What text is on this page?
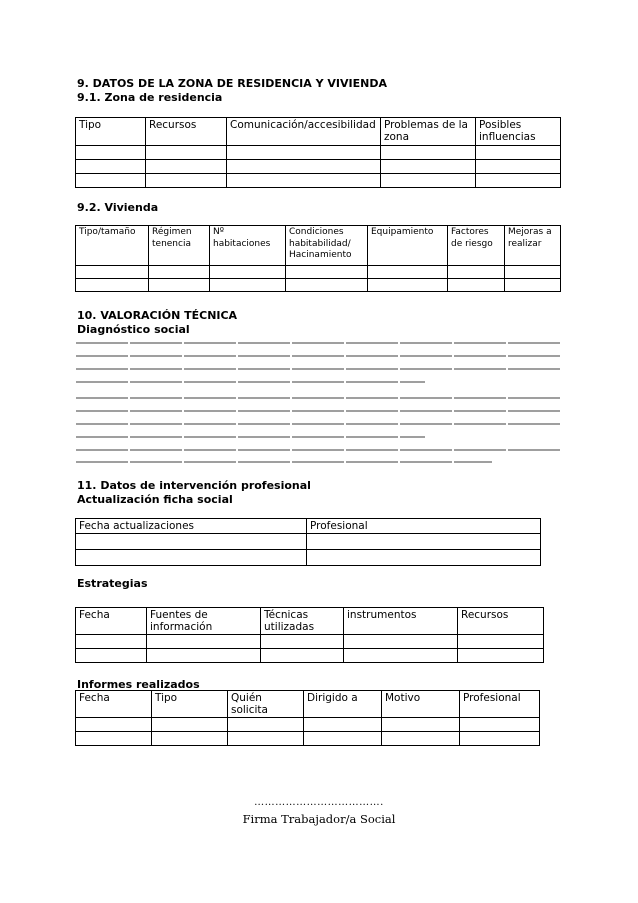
9. DATOS DE LA ZONA DE RESIDENCIA Y VIVIENDA
9.1. Zona de residencia
Tipo	Recursos	Comunicación/accesibilidad	Problemas de la zona	Posibles influencias

9.2. Vivienda
Tipo/tamaño	Régimen tenencia	Nº habitaciones	Condiciones habitabilidad/ Hacinamiento	Equipamiento	Factores de riesgo	Mejoras a realizar

10. VALORACIÓN TÉCNICA
Diagnóstico social
11. Datos de intervención profesional
Actualización ficha social
Fecha actualizaciones	Profesional

Estrategias
Fecha	Fuentes de información	Técnicas utilizadas	instrumentos	Recursos

Informes realizados
Fecha	Tipo	Quién solicita	Dirigido a	Motivo	Profesional

……………………………….
Firma Trabajador/a Social
